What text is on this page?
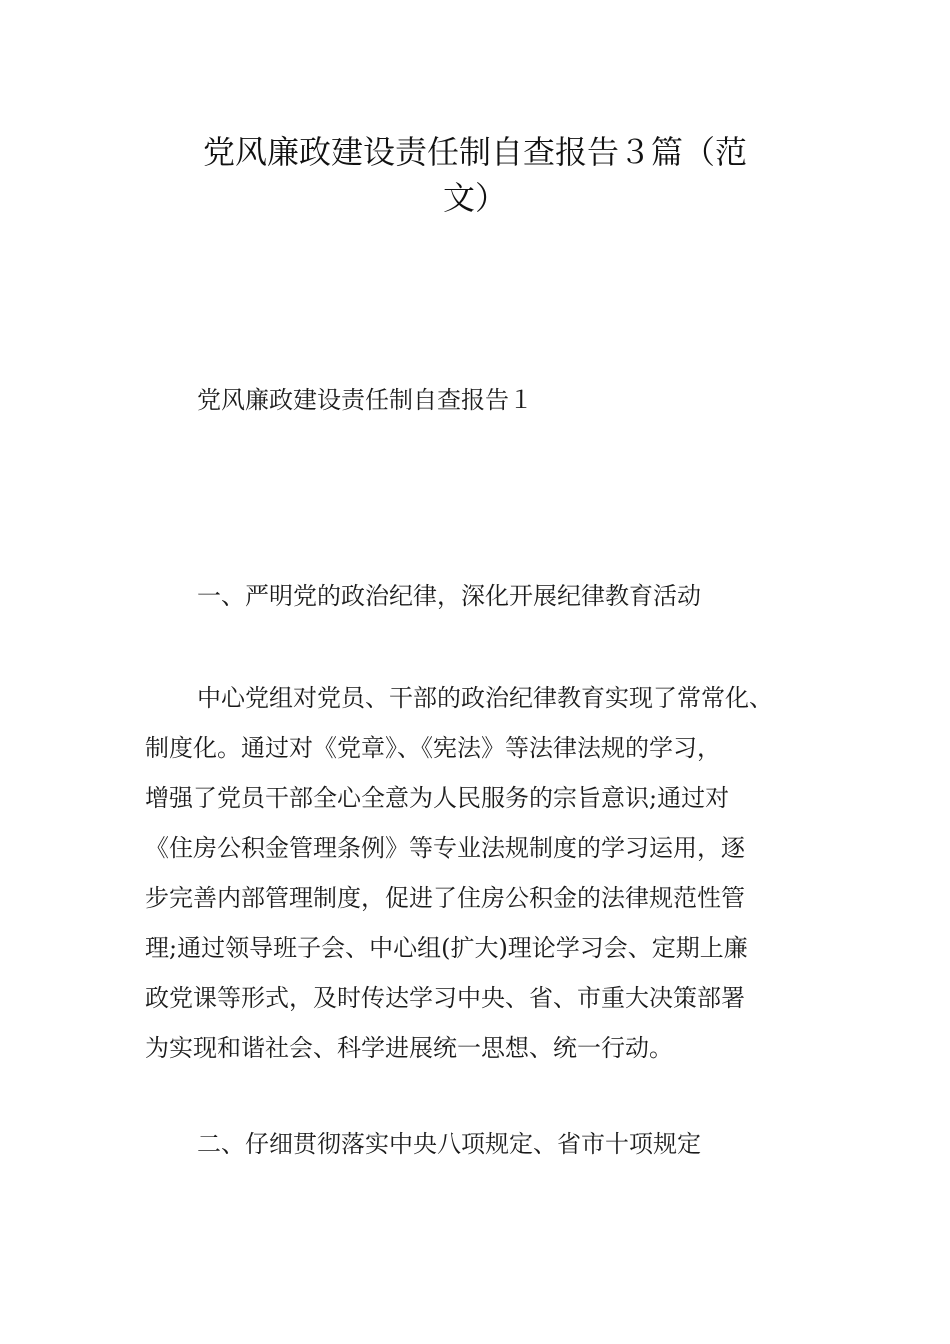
党风廉政建设责任制自查报告３篇（范
文）
党风廉政建设责任制自查报告１
一、严明党的政治纪律，深化开展纪律教育活动
中心党组对党员、干部的政治纪律教育实现了常常化、
制度化。通过对《党章》、《宪法》等法律法规的学习，
增强了党员干部全心全意为人民服务的宗旨意识;通过对
《住房公积金管理条例》等专业法规制度的学习运用，逐
步完善内部管理制度，促进了住房公积金的法律规范性管
理;通过领导班子会、中心组(扩大)理论学习会、定期上廉
政党课等形式，及时传达学习中央、省、市重大决策部署
为实现和谐社会、科学进展统一思想、统一行动。
二、仔细贯彻落实中央八项规定、省市十项规定
